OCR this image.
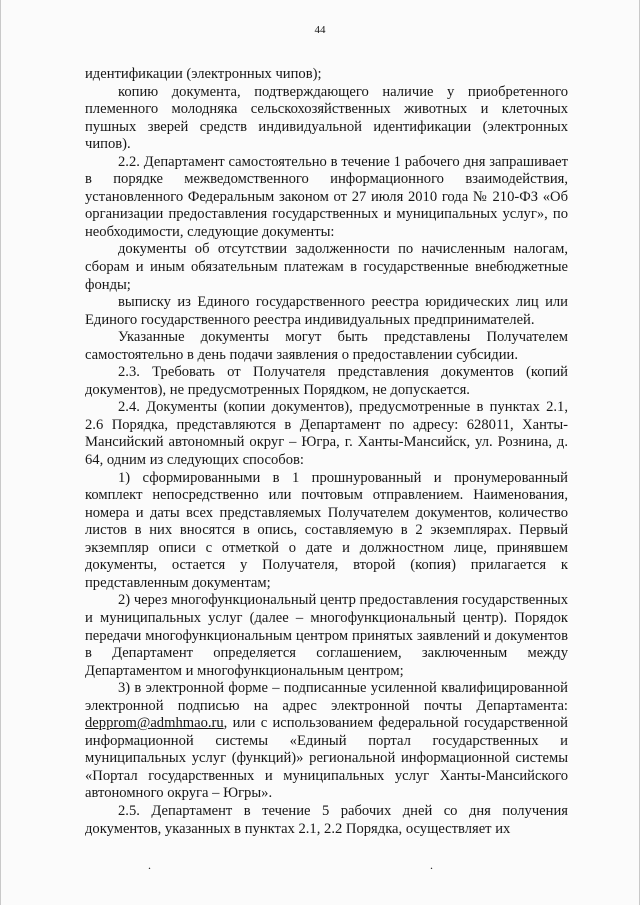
44
идентификации (электронных чипов);
копию документа, подтверждающего наличие у приобретенного племенного молодняка сельскохозяйственных животных и клеточных пушных зверей средств индивидуальной идентификации (электронных чипов).
2.2. Департамент самостоятельно в течение 1 рабочего дня запрашивает в порядке межведомственного информационного взаимодействия, установленного Федеральным законом от 27 июля 2010 года № 210-ФЗ «Об организации предоставления государственных и муниципальных услуг», по необходимости, следующие документы:
документы об отсутствии задолженности по начисленным налогам, сборам и иным обязательным платежам в государственные внебюджетные фонды;
выписку из Единого государственного реестра юридических лиц или Единого государственного реестра индивидуальных предпринимателей.
Указанные документы могут быть представлены Получателем самостоятельно в день подачи заявления о предоставлении субсидии.
2.3. Требовать от Получателя представления документов (копий документов), не предусмотренных Порядком, не допускается.
2.4. Документы (копии документов), предусмотренные в пунктах 2.1, 2.6 Порядка, представляются в Департамент по адресу: 628011, Ханты-Мансийский автономный округ – Югра, г. Ханты-Мансийск, ул. Рознина, д. 64, одним из следующих способов:
1) сформированными в 1 прошнурованный и пронумерованный комплект непосредственно или почтовым отправлением. Наименования, номера и даты всех представляемых Получателем документов, количество листов в них вносятся в опись, составляемую в 2 экземплярах. Первый экземпляр описи с отметкой о дате и должностном лице, принявшем документы, остается у Получателя, второй (копия) прилагается к представленным документам;
2) через многофункциональный центр предоставления государственных и муниципальных услуг (далее – многофункциональный центр). Порядок передачи многофункциональным центром принятых заявлений и документов в Департамент определяется соглашением, заключенным между Департаментом и многофункциональным центром;
3) в электронной форме – подписанные усиленной квалифицированной электронной подписью на адрес электронной почты Департамента: depprom@admhmao.ru, или с использованием федеральной государственной информационной системы «Единый портал государственных и муниципальных услуг (функций)» региональной информационной системы «Портал государственных и муниципальных услуг Ханты-Мансийского автономного округа – Югры».
2.5. Департамент в течение 5 рабочих дней со дня получения документов, указанных в пунктах 2.1, 2.2 Порядка, осуществляет их
.	.
